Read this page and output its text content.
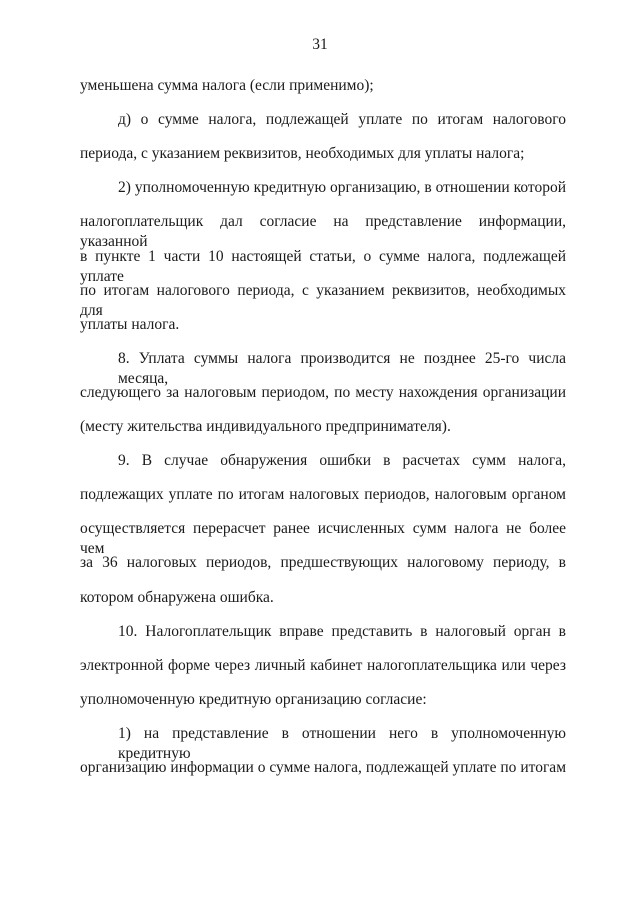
31
уменьшена сумма налога (если применимо);
д) о сумме налога, подлежащей уплате по итогам налогового
периода, с указанием реквизитов, необходимых для уплаты налога;
2) уполномоченную кредитную организацию, в отношении которой
налогоплательщик дал согласие на представление информации, указанной
в пункте 1 части 10 настоящей статьи, о сумме налога, подлежащей уплате
по итогам налогового периода, с указанием реквизитов, необходимых для
уплаты налога.
8. Уплата суммы налога производится не позднее 25-го числа месяца,
следующего за налоговым периодом, по месту нахождения организации
(месту жительства индивидуального предпринимателя).
9. В случае обнаружения ошибки в расчетах сумм налога,
подлежащих уплате по итогам налоговых периодов, налоговым органом
осуществляется перерасчет ранее исчисленных сумм налога не более чем
за 36 налоговых периодов, предшествующих налоговому периоду, в
котором обнаружена ошибка.
10. Налогоплательщик вправе представить в налоговый орган в
электронной форме через личный кабинет налогоплательщика или через
уполномоченную кредитную организацию согласие:
1) на представление в отношении него в уполномоченную кредитную
организацию информации о сумме налога, подлежащей уплате по итогам
